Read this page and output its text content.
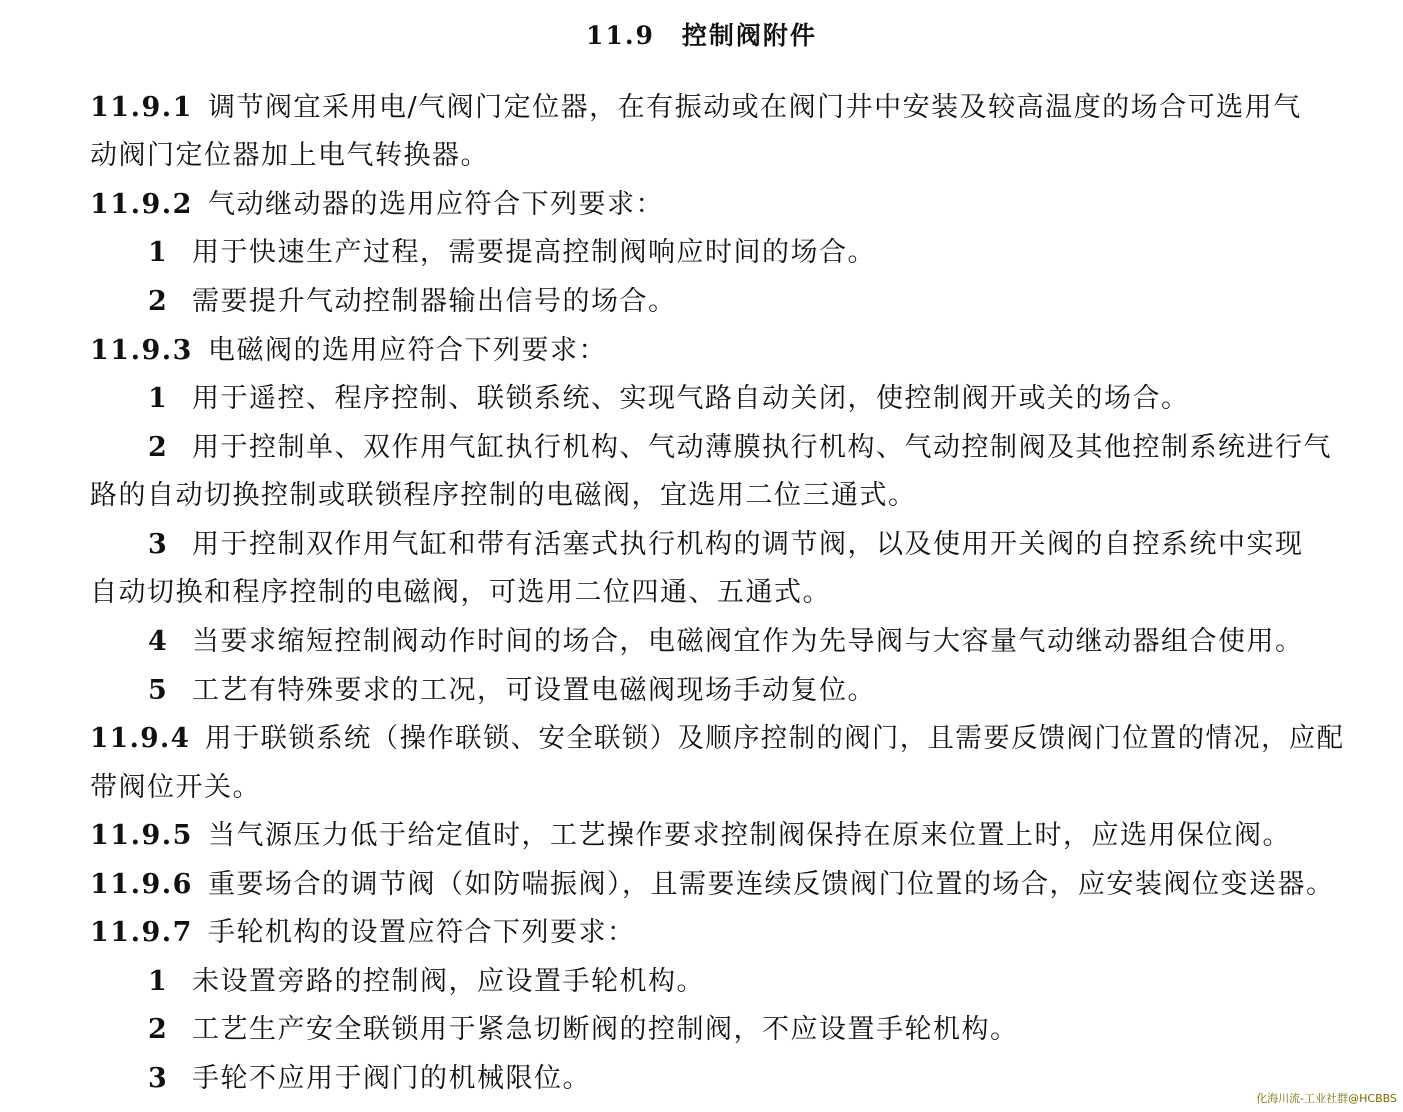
11.9　控制阀附件
11.9.1 调节阀宜采用电/气阀门定位器，在有振动或在阀门井中安装及较高温度的场合可选用气
动阀门定位器加上电气转换器。
11.9.2 气动继动器的选用应符合下列要求：
1 用于快速生产过程，需要提高控制阀响应时间的场合。
2 需要提升气动控制器输出信号的场合。
11.9.3 电磁阀的选用应符合下列要求：
1 用于遥控、程序控制、联锁系统、实现气路自动关闭，使控制阀开或关的场合。
2 用于控制单、双作用气缸执行机构、气动薄膜执行机构、气动控制阀及其他控制系统进行气
路的自动切换控制或联锁程序控制的电磁阀，宜选用二位三通式。
3 用于控制双作用气缸和带有活塞式执行机构的调节阀，以及使用开关阀的自控系统中实现
自动切换和程序控制的电磁阀，可选用二位四通、五通式。
4 当要求缩短控制阀动作时间的场合，电磁阀宜作为先导阀与大容量气动继动器组合使用。
5 工艺有特殊要求的工况，可设置电磁阀现场手动复位。
11.9.4 用于联锁系统（操作联锁、安全联锁）及顺序控制的阀门，且需要反馈阀门位置的情况，应配
带阀位开关。
11.9.5 当气源压力低于给定值时，工艺操作要求控制阀保持在原来位置上时，应选用保位阀。
11.9.6 重要场合的调节阀（如防喘振阀），且需要连续反馈阀门位置的场合，应安装阀位变送器。
11.9.7 手轮机构的设置应符合下列要求：
1 未设置旁路的控制阀，应设置手轮机构。
2 工艺生产安全联锁用于紧急切断阀的控制阀，不应设置手轮机构。
3 手轮不应用于阀门的机械限位。
化海川流-工业社群@HCBBS
